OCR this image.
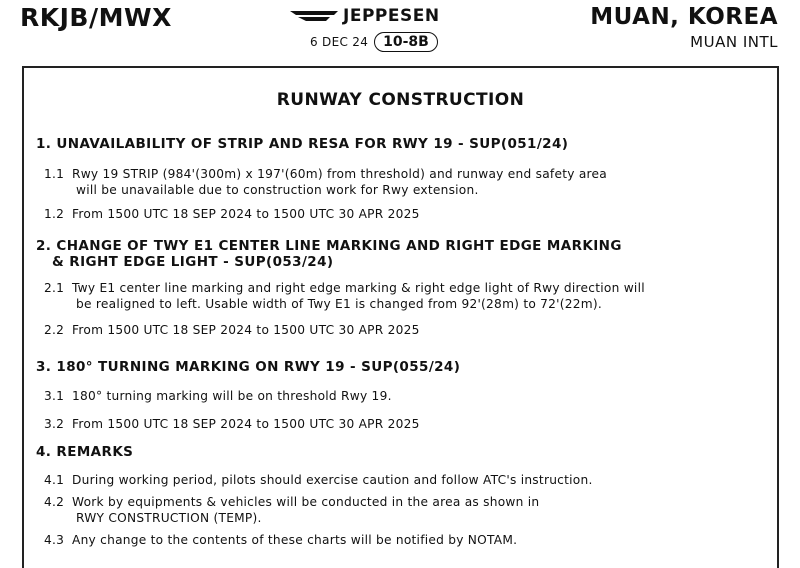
RKJB/MWX	JEPPESEN
6 DEC 24	10-8B
MUAN, KOREA
MUAN INTL
RUNWAY CONSTRUCTION
1. UNAVAILABILITY OF STRIP AND RESA FOR RWY 19 - SUP(051/24)
1.1 Rwy 19 STRIP (984'(300m) x 197'(60m) from threshold) and runway end safety area
will be unavailable due to construction work for Rwy extension.
1.2 From 1500 UTC 18 SEP 2024 to 1500 UTC 30 APR 2025
2. CHANGE OF TWY E1 CENTER LINE MARKING AND RIGHT EDGE MARKING
& RIGHT EDGE LIGHT - SUP(053/24)
2.1 Twy E1 center line marking and right edge marking & right edge light of Rwy direction will
be realigned to left. Usable width of Twy E1 is changed from 92'(28m) to 72'(22m).
2.2 From 1500 UTC 18 SEP 2024 to 1500 UTC 30 APR 2025
3. 180° TURNING MARKING ON RWY 19 - SUP(055/24)
3.1 180° turning marking will be on threshold Rwy 19.
3.2 From 1500 UTC 18 SEP 2024 to 1500 UTC 30 APR 2025
4. REMARKS
4.1 During working period, pilots should exercise caution and follow ATC's instruction.
4.2 Work by equipments & vehicles will be conducted in the area as shown in
RWY CONSTRUCTION (TEMP).
4.3 Any change to the contents of these charts will be notified by NOTAM.
